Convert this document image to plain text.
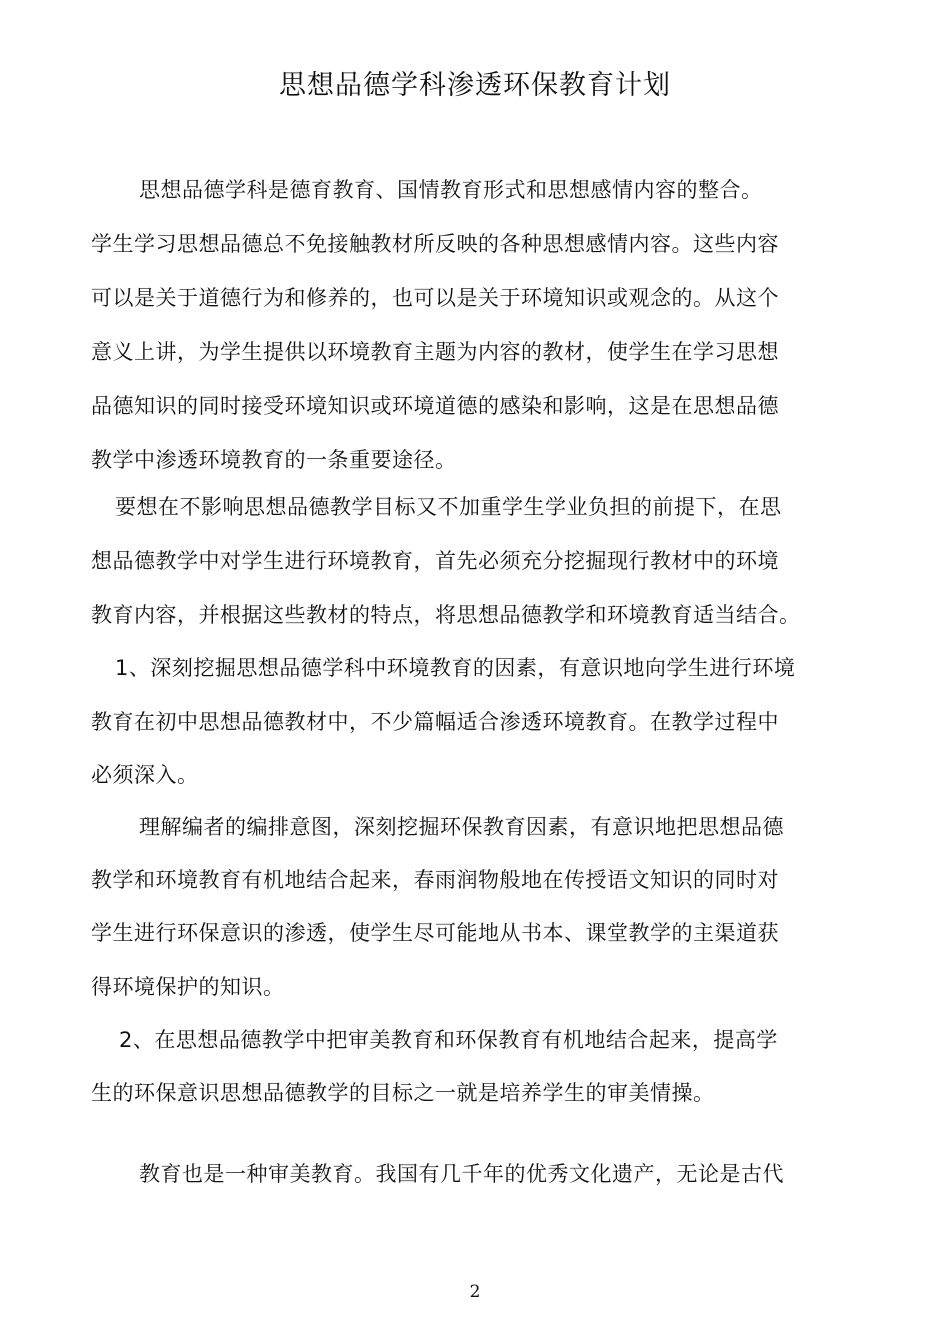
思想品德学科渗透环保教育计划
思想品德学科是德育教育、国情教育形式和思想感情内容的整合。
学生学习思想品德总不免接触教材所反映的各种思想感情内容。这些内容
可以是关于道德行为和修养的，也可以是关于环境知识或观念的。从这个
意义上讲，为学生提供以环境教育主题为内容的教材，使学生在学习思想
品德知识的同时接受环境知识或环境道德的感染和影响，这是在思想品德
教学中渗透环境教育的一条重要途径。
要想在不影响思想品德教学目标又不加重学生学业负担的前提下，在思
想品德教学中对学生进行环境教育，首先必须充分挖掘现行教材中的环境
教育内容，并根据这些教材的特点，将思想品德教学和环境教育适当结合。
1、深刻挖掘思想品德学科中环境教育的因素，有意识地向学生进行环境
教育在初中思想品德教材中，不少篇幅适合渗透环境教育。在教学过程中
必须深入。
理解编者的编排意图，深刻挖掘环保教育因素，有意识地把思想品德
教学和环境教育有机地结合起来，春雨润物般地在传授语文知识的同时对
学生进行环保意识的渗透，使学生尽可能地从书本、课堂教学的主渠道获
得环境保护的知识。
2、在思想品德教学中把审美教育和环保教育有机地结合起来，提高学
生的环保意识思想品德教学的目标之一就是培养学生的审美情操。
教育也是一种审美教育。我国有几千年的优秀文化遗产，无论是古代
2
